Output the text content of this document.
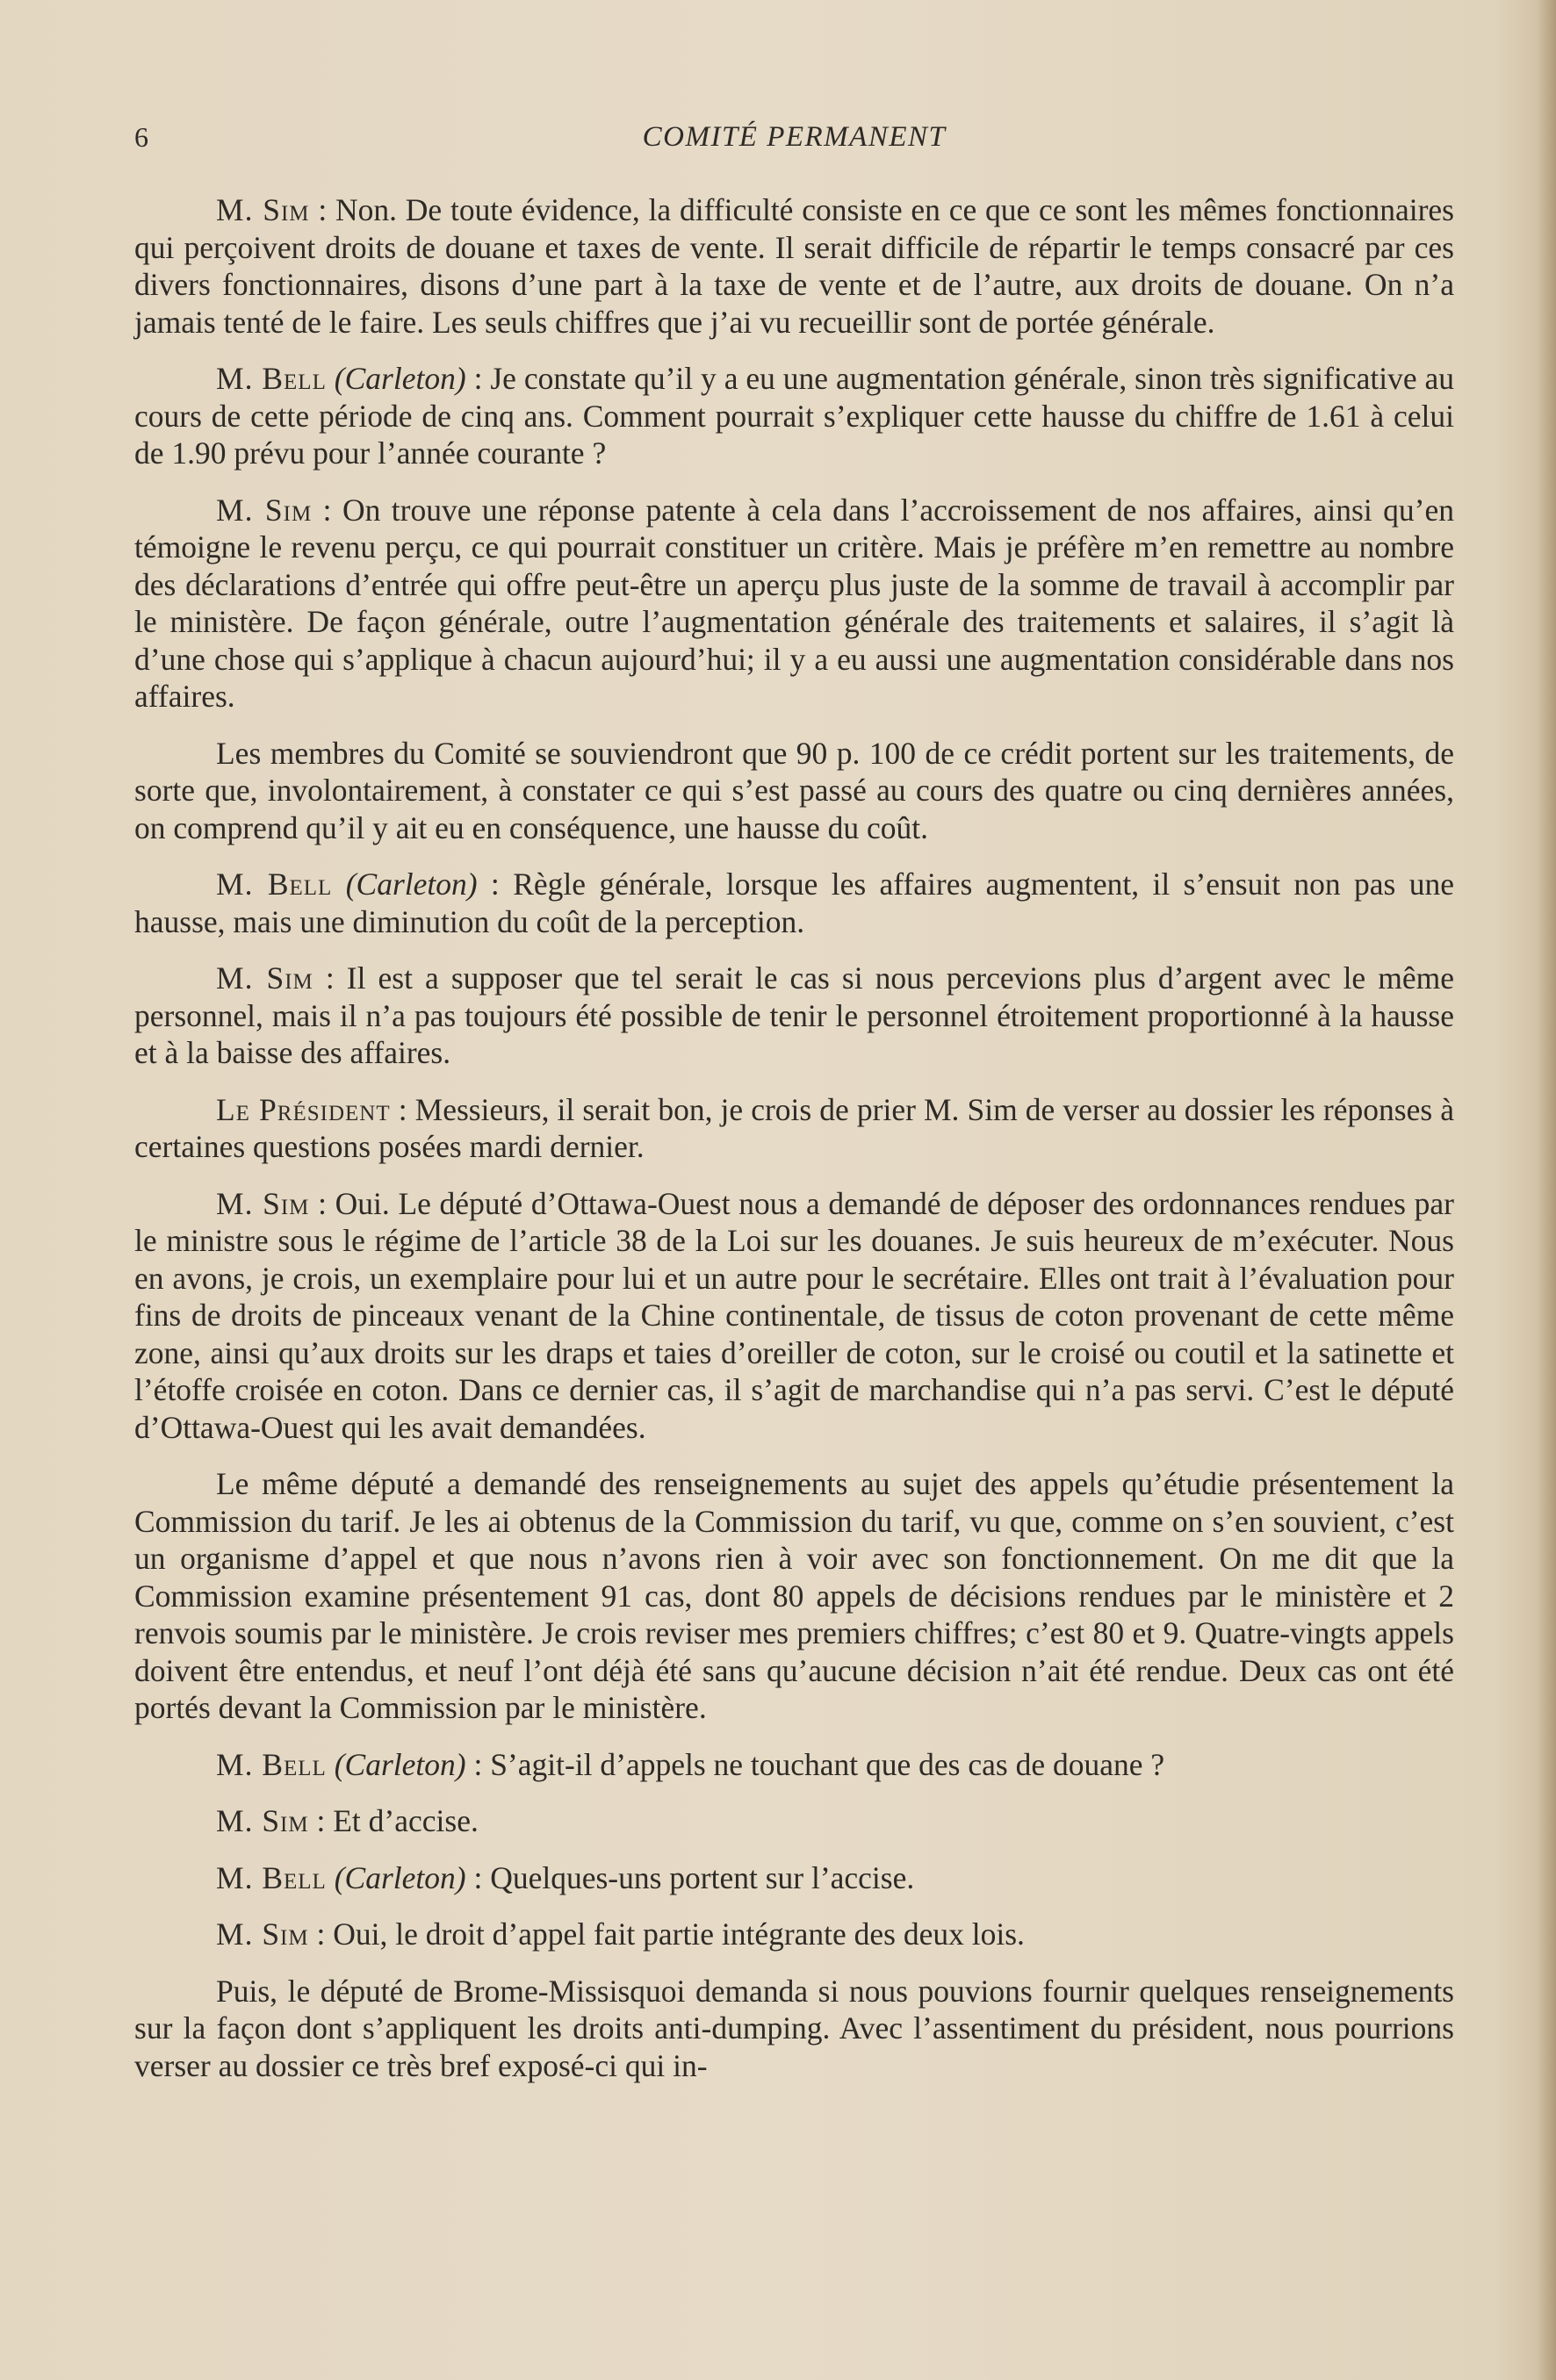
6	COMITÉ PERMANENT

M. Sim : Non. De toute évidence, la difficulté consiste en ce que ce sont les mêmes fonctionnaires qui perçoivent droits de douane et taxes de vente. Il serait difficile de répartir le temps consacré par ces divers fonctionnaires, disons d’une part à la taxe de vente et de l’autre, aux droits de douane. On n’a jamais tenté de le faire. Les seuls chiffres que j’ai vu recueillir sont de portée générale.

M. Bell (Carleton) : Je constate qu’il y a eu une augmentation générale, sinon très significative au cours de cette période de cinq ans. Comment pourrait s’expliquer cette hausse du chiffre de 1.61 à celui de 1.90 prévu pour l’année courante ?

M. Sim : On trouve une réponse patente à cela dans l’accroissement de nos affaires, ainsi qu’en témoigne le revenu perçu, ce qui pourrait constituer un critère. Mais je préfère m’en remettre au nombre des déclarations d’entrée qui offre peut-être un aperçu plus juste de la somme de travail à accomplir par le ministère. De façon générale, outre l’augmentation générale des traitements et salaires, il s’agit là d’une chose qui s’applique à chacun aujourd’hui; il y a eu aussi une augmentation considérable dans nos affaires.

Les membres du Comité se souviendront que 90 p. 100 de ce crédit portent sur les traitements, de sorte que, involontairement, à constater ce qui s’est passé au cours des quatre ou cinq dernières années, on comprend qu’il y ait eu en conséquence, une hausse du coût.

M. Bell (Carleton) : Règle générale, lorsque les affaires augmentent, il s’ensuit non pas une hausse, mais une diminution du coût de la perception.

M. Sim : Il est a supposer que tel serait le cas si nous percevions plus d’argent avec le même personnel, mais il n’a pas toujours été possible de tenir le personnel étroitement proportionné à la hausse et à la baisse des affaires.

Le Président : Messieurs, il serait bon, je crois de prier M. Sim de verser au dossier les réponses à certaines questions posées mardi dernier.

M. Sim : Oui. Le député d’Ottawa-Ouest nous a demandé de déposer des ordonnances rendues par le ministre sous le régime de l’article 38 de la Loi sur les douanes. Je suis heureux de m’exécuter. Nous en avons, je crois, un exemplaire pour lui et un autre pour le secrétaire. Elles ont trait à l’évaluation pour fins de droits de pinceaux venant de la Chine continentale, de tissus de coton provenant de cette même zone, ainsi qu’aux droits sur les draps et taies d’oreiller de coton, sur le croisé ou coutil et la satinette et l’étoffe croisée en coton. Dans ce dernier cas, il s’agit de marchandise qui n’a pas servi. C’est le député d’Ottawa-Ouest qui les avait demandées.

Le même député a demandé des renseignements au sujet des appels qu’étudie présentement la Commission du tarif. Je les ai obtenus de la Commission du tarif, vu que, comme on s’en souvient, c’est un organisme d’appel et que nous n’avons rien à voir avec son fonctionnement. On me dit que la Commission examine présentement 91 cas, dont 80 appels de décisions rendues par le ministère et 2 renvois soumis par le ministère. Je crois reviser mes premiers chiffres; c’est 80 et 9. Quatre-vingts appels doivent être entendus, et neuf l’ont déjà été sans qu’aucune décision n’ait été rendue. Deux cas ont été portés devant la Commission par le ministère.

M. Bell (Carleton) : S’agit-il d’appels ne touchant que des cas de douane ?

M. Sim : Et d’accise.

M. Bell (Carleton) : Quelques-uns portent sur l’accise.

M. Sim : Oui, le droit d’appel fait partie intégrante des deux lois.

Puis, le député de Brome-Missisquoi demanda si nous pouvions fournir quelques renseignements sur la façon dont s’appliquent les droits anti-dumping. Avec l’assentiment du président, nous pourrions verser au dossier ce très bref exposé-ci qui in-
